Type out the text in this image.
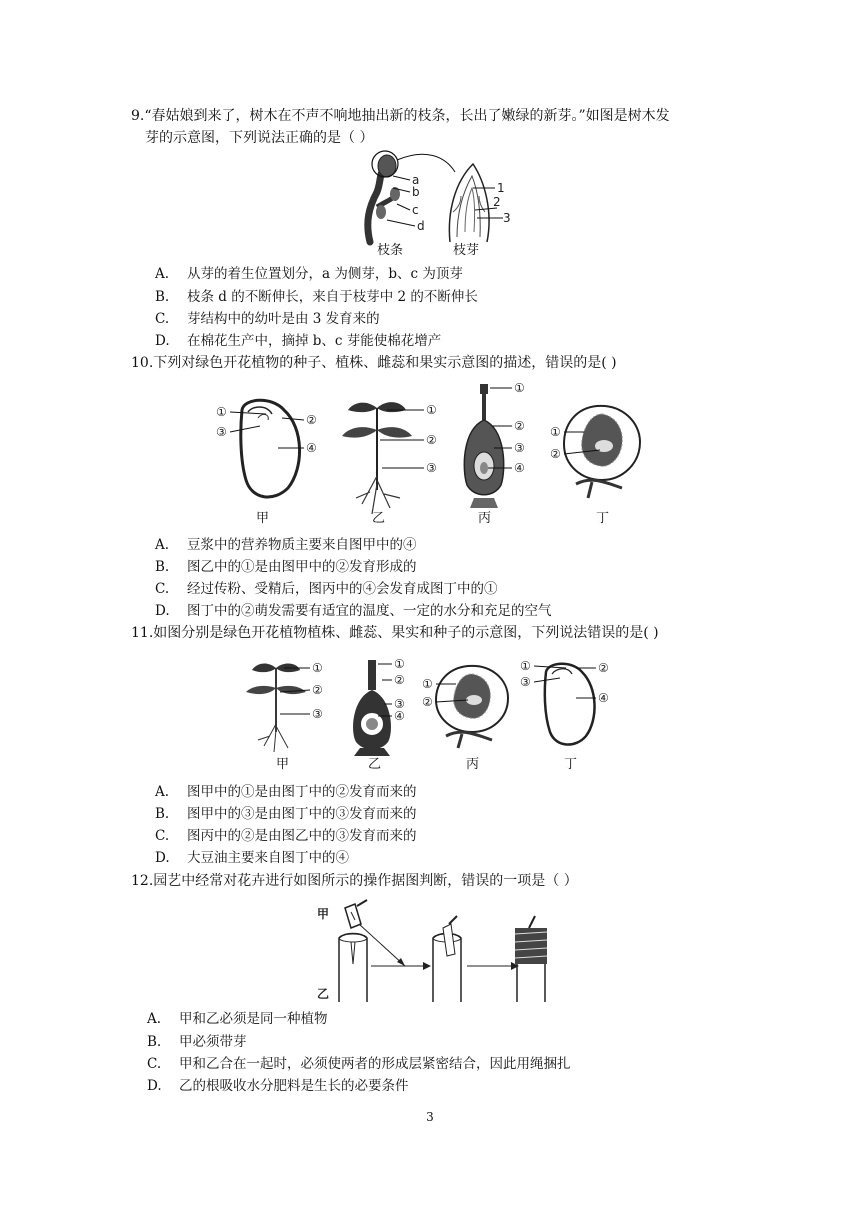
9.“春姑娘到来了，树木在不声不响地抽出新的枝条，长出了嫩绿的新芽。”如图是树木发
芽的示意图，下列说法正确的是（ ）
a
b
c
d
1
2
3
枝条	枝芽
A. 从芽的着生位置划分，a 为侧芽，b、c 为顶芽
B. 枝条 d 的不断伸长，来自于枝芽中 2 的不断伸长
C. 芽结构中的幼叶是由 3 发育来的
D. 在棉花生产中，摘掉 b、c 芽能使棉花增产
10.下列对绿色开花植物的种子、植株、雌蕊和果实示意图的描述，错误的是( )
①
②
③
④
甲
①
②
③
乙
①
②
③
④
丙
①
②
丁
A. 豆浆中的营养物质主要来自图甲中的④
B. 图乙中的①是由图甲中的②发育形成的
C. 经过传粉、受精后，图丙中的④会发育成图丁中的①
D. 图丁中的②萌发需要有适宜的温度、一定的水分和充足的空气
11.如图分别是绿色开花植物植株、雌蕊、果实和种子的示意图，下列说法错误的是( )
①
②
③
甲
①
②
③
④
乙
①
②
丙
①	②
③
④
丁
A. 图甲中的①是由图丁中的②发育而来的
B. 图甲中的③是由图丁中的③发育而来的
C. 图丙中的②是由图乙中的③发育而来的
D. 大豆油主要来自图丁中的④
12.园艺中经常对花卉进行如图所示的操作据图判断，错误的一项是（ ）
甲
乙
A. 甲和乙必须是同一种植物
B. 甲必须带芽
C. 甲和乙合在一起时，必须使两者的形成层紧密结合，因此用绳捆扎
D. 乙的根吸收水分肥料是生长的必要条件
3
